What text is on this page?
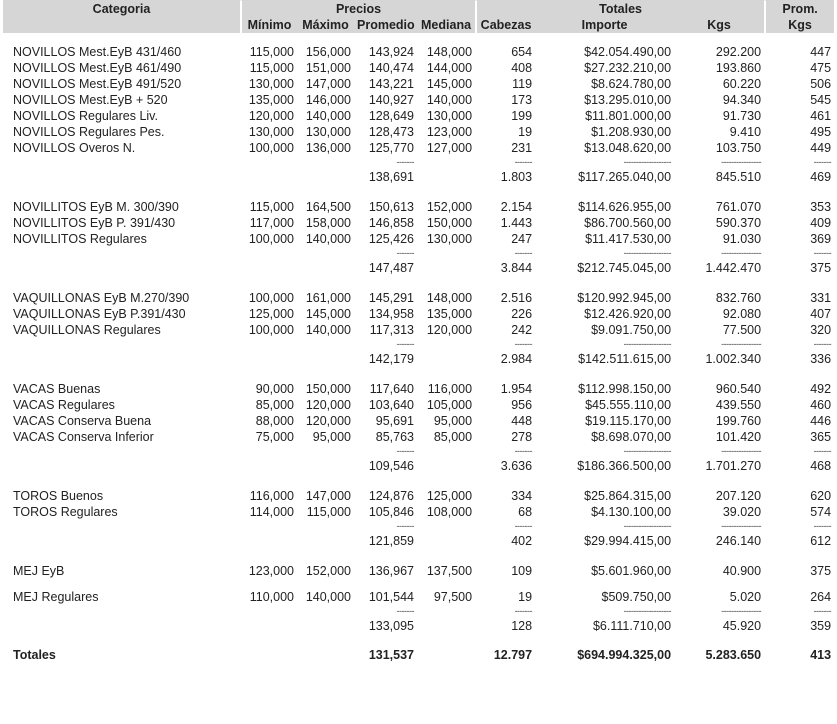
Categoria	Precios				Totales			Prom.
	Mínimo	Máximo	Promedio	Mediana	Cabezas	Importe	Kgs	Kgs

NOVILLOS Mest.EyB 431/460	115,000	156,000	143,924	148,000	654	$42.054.490,00	292.200	447
NOVILLOS Mest.EyB 461/490	115,000	151,000	140,474	144,000	408	$27.232.210,00	193.860	475
NOVILLOS Mest.EyB 491/520	130,000	147,000	143,221	145,000	119	$8.624.780,00	60.220	506
NOVILLOS Mest.EyB + 520	135,000	146,000	140,927	140,000	173	$13.295.010,00	94.340	545
NOVILLOS Regulares Liv.	120,000	140,000	128,649	130,000	199	$11.801.000,00	91.730	461
NOVILLOS Regulares Pes.	130,000	130,000	128,473	123,000	19	$1.208.930,00	9.410	495
NOVILLOS Overos N.	100,000	136,000	125,770	127,000	231	$13.048.620,00	103.750	449
			-------		-------	-------------------	----------------	-------
			138,691		1.803	$117.265.040,00	845.510	469

NOVILLITOS EyB M. 300/390	115,000	164,500	150,613	152,000	2.154	$114.626.955,00	761.070	353
NOVILLITOS EyB P. 391/430	117,000	158,000	146,858	150,000	1.443	$86.700.560,00	590.370	409
NOVILLITOS Regulares	100,000	140,000	125,426	130,000	247	$11.417.530,00	91.030	369
			-------		-------	-------------------	----------------	-------
			147,487		3.844	$212.745.045,00	1.442.470	375

VAQUILLONAS EyB M.270/390	100,000	161,000	145,291	148,000	2.516	$120.992.945,00	832.760	331
VAQUILLONAS EyB P.391/430	125,000	145,000	134,958	135,000	226	$12.426.920,00	92.080	407
VAQUILLONAS Regulares	100,000	140,000	117,313	120,000	242	$9.091.750,00	77.500	320
			-------		-------	-------------------	----------------	-------
			142,179		2.984	$142.511.615,00	1.002.340	336

VACAS Buenas	90,000	150,000	117,640	116,000	1.954	$112.998.150,00	960.540	492
VACAS Regulares	85,000	120,000	103,640	105,000	956	$45.555.110,00	439.550	460
VACAS Conserva Buena	88,000	120,000	95,691	95,000	448	$19.115.170,00	199.760	446
VACAS Conserva Inferior	75,000	95,000	85,763	85,000	278	$8.698.070,00	101.420	365
			-------		-------	-------------------	----------------	-------
			109,546		3.636	$186.366.500,00	1.701.270	468

TOROS Buenos	116,000	147,000	124,876	125,000	334	$25.864.315,00	207.120	620
TOROS Regulares	114,000	115,000	105,846	108,000	68	$4.130.100,00	39.020	574
			-------		-------	-------------------	----------------	-------
			121,859		402	$29.994.415,00	246.140	612

MEJ EyB	123,000	152,000	136,967	137,500	109	$5.601.960,00	40.900	375

MEJ Regulares	110,000	140,000	101,544	97,500	19	$509.750,00	5.020	264
			-------		-------	-------------------	----------------	-------
			133,095		128	$6.111.710,00	45.920	359

Totales			131,537		12.797	$694.994.325,00	5.283.650	413
